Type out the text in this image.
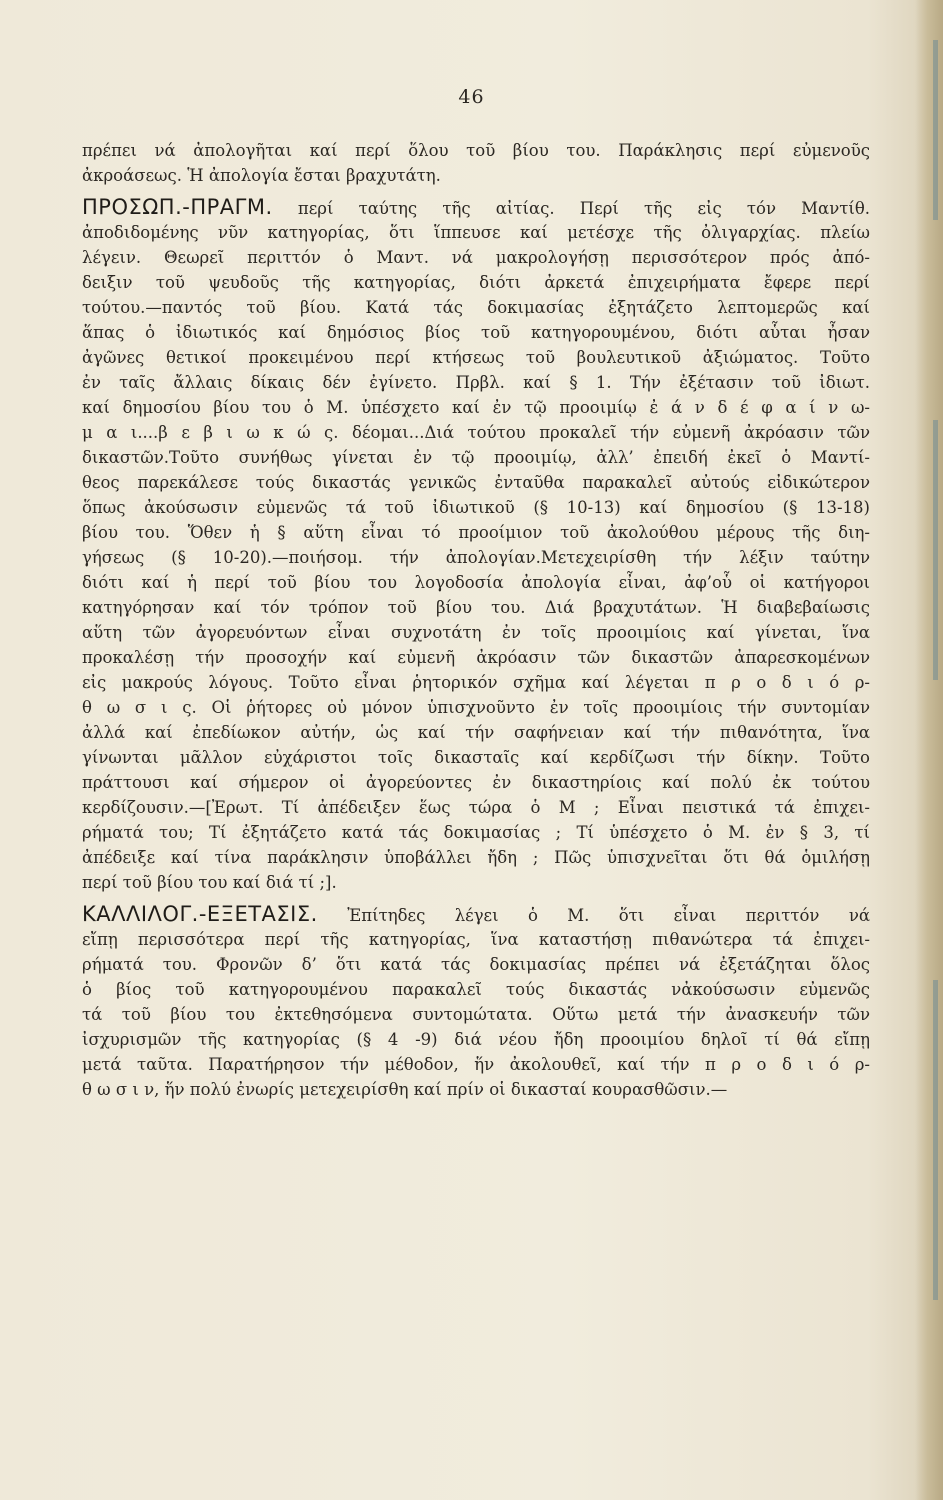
46
πρέπει νά ἀπολογῆται καί περί ὅλου τοῦ βίου του. Παράκλησις περί εὐμενοῦς
ἀκροάσεως. Ἡ ἀπολογία ἔσται βραχυτάτη.
ΠΡΟΣΩΠ.-ΠΡΑΓΜ. περί ταύτης τῆς αἰτίας. Περί τῆς εἰς τόν Μαντίθ.
ἀποδιδομένης νῦν κατηγορίας, ὅτι ἵππευσε καί μετέσχε τῆς ὀλιγαρχίας. πλείω
λέγειν. Θεωρεῖ περιττόν ὁ Μαντ. νά μακρολογήσῃ περισσότερον πρός ἀπό-
δειξιν τοῦ ψευδοῦς τῆς κατηγορίας, διότι ἀρκετά ἐπιχειρήματα ἔφερε περί
τούτου.—παντός τοῦ βίου. Κατά τάς δοκιμασίας ἐξητάζετο λεπτομερῶς καί
ἅπας ὁ ἰδιωτικός καί δημόσιος βίος τοῦ κατηγορουμένου, διότι αὗται ἦσαν
ἀγῶνες θετικοί προκειμένου περί κτήσεως τοῦ βουλευτικοῦ ἀξιώματος. Τοῦτο
ἐν ταῖς ἄλλαις δίκαις δέν ἐγίνετο. Πρβλ. καί § 1. Τήν ἐξέτασιν τοῦ ἰδιωτ.
καί δημοσίου βίου του ὁ Μ. ὑπέσχετο καί ἐν τῷ προοιμίῳ ἐ ά ν δ έ φ α ί ν ω-
μ α ι....β ε β ι ω κ ώ ς. δέομαι...Διά τούτου προκαλεῖ τήν εὐμενῆ ἀκρόασιν τῶν
δικαστῶν.Τοῦτο συνήθως γίνεται ἐν τῷ προοιμίῳ, ἀλλ’ ἐπειδή ἐκεῖ ὁ Μαντί-
θεος παρεκάλεσε τούς δικαστάς γενικῶς ἐνταῦθα παρακαλεῖ αὐτούς εἰδικώτερον
ὅπως ἀκούσωσιν εὐμενῶς τά τοῦ ἰδιωτικοῦ (§ 10-13) καί δημοσίου (§ 13-18)
βίου του. Ὅθεν ἡ § αὕτη εἶναι τό προοίμιον τοῦ ἀκολούθου μέρους τῆς διη-
γήσεως (§ 10-20).—ποιήσομ. τήν ἀπολογίαν.Μετεχειρίσθη τήν λέξιν ταύτην
διότι καί ἡ περί τοῦ βίου του λογοδοσία ἀπολογία εἶναι, ἀφ’οὗ οἱ κατήγοροι
κατηγόρησαν καί τόν τρόπον τοῦ βίου του. Διά βραχυτάτων. Ἡ διαβεβαίωσις
αὕτη τῶν ἀγορευόντων εἶναι συχνοτάτη ἐν τοῖς προοιμίοις καί γίνεται, ἵνα
προκαλέσῃ τήν προσοχήν καί εὐμενῆ ἀκρόασιν τῶν δικαστῶν ἀπαρεσκομένων
εἰς μακρούς λόγους. Τοῦτο εἶναι ῥητορικόν σχῆμα καί λέγεται π ρ ο δ ι ό ρ-
θ ω σ ι ς. Οἱ ῥήτορες οὐ μόνον ὑπισχνοῦντο ἐν τοῖς προοιμίοις τήν συντομίαν
ἀλλά καί ἐπεδίωκον αὐτήν, ὡς καί τήν σαφήνειαν καί τήν πιθανότητα, ἵνα
γίνωνται μᾶλλον εὐχάριστοι τοῖς δικασταῖς καί κερδίζωσι τήν δίκην. Τοῦτο
πράττουσι καί σήμερον οἱ ἀγορεύοντες ἐν δικαστηρίοις καί πολύ ἐκ τούτου
κερδίζουσιν.—[Ἐρωτ. Τί ἀπέδειξεν ἕως τώρα ὁ Μ ; Εἶναι πειστικά τά ἐπιχει-
ρήματά του; Τί ἐξητάζετο κατά τάς δοκιμασίας ; Τί ὑπέσχετο ὁ Μ. ἐν § 3, τί
ἀπέδειξε καί τίνα παράκλησιν ὑποβάλλει ἤδη ; Πῶς ὑπισχνεῖται ὅτι θά ὁμιλήσῃ
περί τοῦ βίου του καί διά τί ;].
ΚΑΛΛΙΛΟΓ.-ΕΞΕΤΑΣΙΣ. Ἐπίτηδες λέγει ὁ Μ. ὅτι εἶναι περιττόν νά
εἴπῃ περισσότερα περί τῆς κατηγορίας, ἵνα καταστήσῃ πιθανώτερα τά ἐπιχει-
ρήματά του. Φρονῶν δ’ ὅτι κατά τάς δοκιμασίας πρέπει νά ἐξετάζηται ὅλος
ὁ βίος τοῦ κατηγορουμένου παρακαλεῖ τούς δικαστάς νἀκούσωσιν εὐμενῶς
τά τοῦ βίου του ἐκτεθησόμενα συντομώτατα. Οὕτω μετά τήν ἀνασκευήν τῶν
ἰσχυρισμῶν τῆς κατηγορίας (§ 4 -9) διά νέου ἤδη προοιμίου δηλοῖ τί θά εἴπῃ
μετά ταῦτα. Παρατήρησον τήν μέθοδον, ἥν ἀκολουθεῖ, καί τήν π ρ ο δ ι ό ρ-
θ ω σ ι ν, ἥν πολύ ἐνωρίς μετεχειρίσθη καί πρίν οἱ δικασταί κουρασθῶσιν.—
